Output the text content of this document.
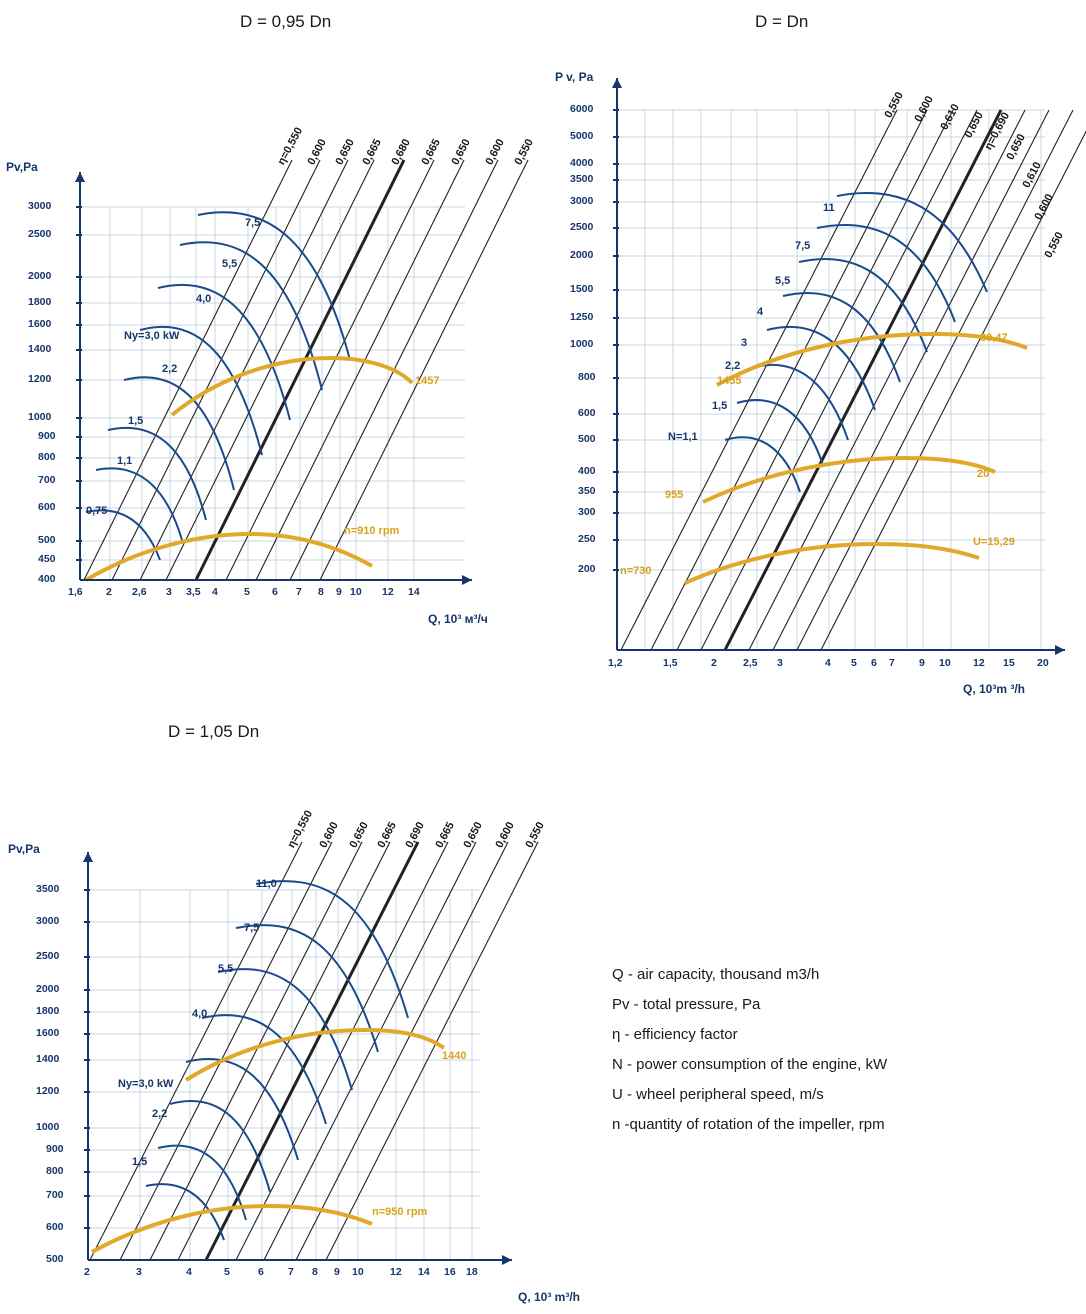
D = 0,95 Dn
Pv,Pa
Q, 10³ м³/ч
3000
2500
2000
1800
1600
1400
1200
1000
900
800
700
600
500
450
400
1,6 2 2,6 3 3,5 4 5 6 7 8 9 10 12 14
η=0,550 0,600 0,650 0,665 0,680 0,665 0,650 0,600 0,550
7,5
5,5
4,0
Nу=3,0 kW
2,2
1,5
1,1
0,75
1457
n=910 rpm
D = Dn
P v, Pa
Q, 10³m ³/h
6000
5000
4000
3500
3000
2500
2000
1500
1250
1000
800
600
500
400
350
300
250
200
1,2	1,5	2 2,5 3	4 5 6 7 9 10 12 15 20
0,550 0,600 0,610 0,650
η=0,690
0,650
0,610
0,600
0,550
11
7,5
5,5
4
3
2,2
1,5
N=1,1
30,47
1455
20
955
U=15,29
n=730
D = 1,05 Dn
Pv,Pa
Q, 10³ m³/h
3500
3000
2500
2000
1800
1600
1400
1200
1000
900
800
700
600
500
2	3	4	5	6 7 8 9 10	12 14 16 18
η=0,550 0,600 0,650 0,665 0,690 0,665 0,650 0,600 0,550
11,0
7,5
5,5
4,0
Nу=3,0 kW
2,2
1,5
1440
n=950 rpm
Q - air capacity, thousand m3/h
Pv - total pressure, Pa
η - efficiency factor
N - power consumption of the engine, kW
U - wheel peripheral speed, m/s
n -quantity of rotation of the impeller, rpm
